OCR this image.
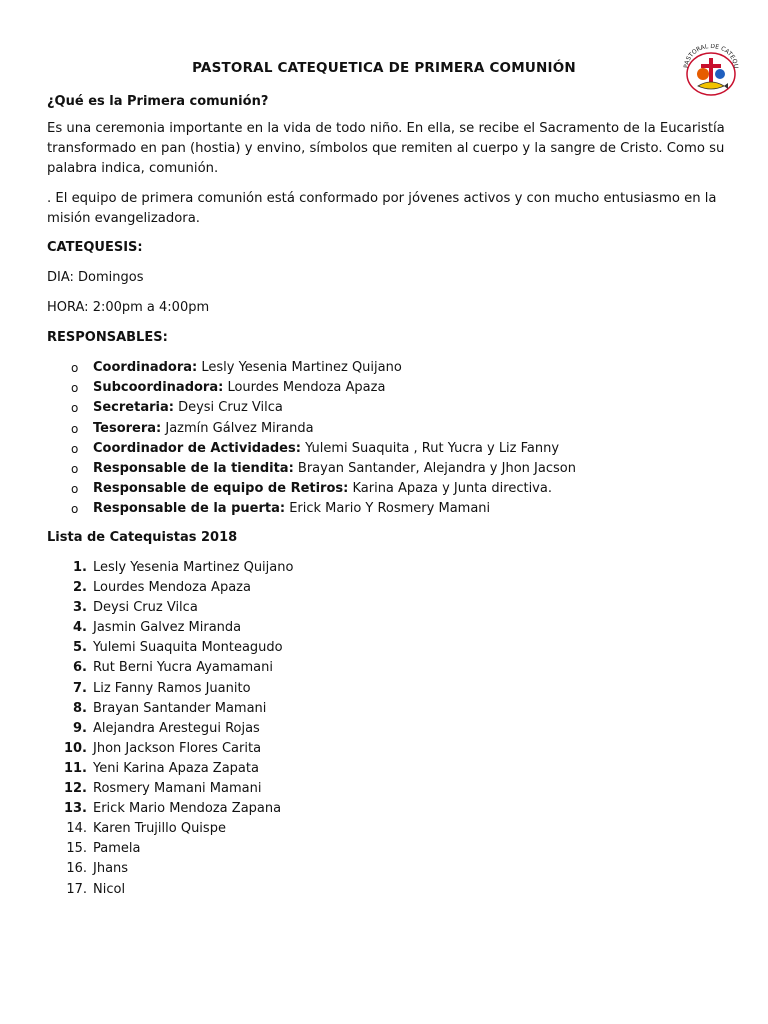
PASTORAL DE CATEQU
PASTORAL CATEQUETICA DE PRIMERA COMUNIÓN
¿Qué es la Primera comunión?
Es una ceremonia importante en la vida de todo niño. En ella, se recibe el Sacramento de la Eucaristía transformado en pan (hostia) y envino, símbolos que remiten al cuerpo y la sangre de Cristo. Como su palabra indica, comunión.
. El equipo de primera comunión está conformado por jóvenes activos y con mucho entusiasmo en la misión evangelizadora.
CATEQUESIS:
DIA: Domingos
HORA: 2:00pm a 4:00pm
RESPONSABLES:
o Coordinadora: Lesly Yesenia Martinez Quijano
o Subcoordinadora: Lourdes Mendoza Apaza
o Secretaria: Deysi Cruz Vilca
o Tesorera: Jazmín Gálvez Miranda
o Coordinador de Actividades: Yulemi Suaquita , Rut Yucra y Liz Fanny
o Responsable de la tiendita: Brayan Santander, Alejandra y Jhon Jacson
o Responsable de equipo de Retiros: Karina Apaza y Junta directiva.
o Responsable de la puerta: Erick Mario Y Rosmery Mamani
Lista de Catequistas 2018
1. Lesly Yesenia Martinez Quijano
2. Lourdes Mendoza Apaza
3. Deysi Cruz Vilca
4. Jasmin Galvez Miranda
5. Yulemi Suaquita Monteagudo
6. Rut Berni Yucra Ayamamani
7. Liz Fanny Ramos Juanito
8. Brayan Santander Mamani
9. Alejandra Arestegui Rojas
10. Jhon Jackson Flores Carita
11. Yeni Karina Apaza Zapata
12. Rosmery Mamani Mamani
13. Erick Mario Mendoza Zapana
14. Karen Trujillo Quispe
15. Pamela
16. Jhans
17. Nicol
